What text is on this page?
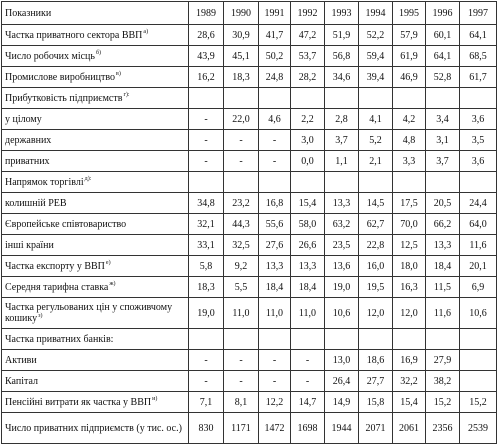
Показники	1989	1990	1991	1992	1993	1994	1995	1996	1997
Частка приватного сектора ВВП$^{а)}$	28,6	30,9	41,7	47,2	51,9	52,2	57,9	60,1	64,1
Число робочих місць$^{б)}$	43,9	45,1	50,2	53,7	56,8	59,4	61,9	64,1	68,5
Промислове виробництво$^{в)}$	16,2	18,3	24,8	28,2	34,6	39,4	46,9	52,8	61,7
Прибутковість підприємств$^{г):}$									
у цілому	-	22,0	4,6	2,2	2,8	4,1	4,2	3,4	3,6
державних	-	-	-	3,0	3,7	5,2	4,8	3,1	3,5
приватних	-	-	-	0,0	1,1	2,1	3,3	3,7	3,6
Напрямок торгівлі$^{д):}$									
колишній РЕВ	34,8	23,2	16,8	15,4	13,3	14,5	17,5	20,5	24,4
Європейське співтовариство	32,1	44,3	55,6	58,0	63,2	62,7	70,0	66,2	64,0
інші країни	33,1	32,5	27,6	26,6	23,5	22,8	12,5	13,3	11,6
Частка експорту у ВВП$^{е)}$	5,8	9,2	13,3	13,3	13,6	16,0	18,0	18,4	20,1
Середня тарифна ставка$^{ж)}$	18,3	5,5	18,4	18,4	19,0	19,5	16,3	11,5	6,9
Частка регульованих цін у споживчому кошику$^{з)}$	19,0	11,0	11,0	11,0	10,6	12,0	12,0	11,6	10,6
Частка приватних банків:									
Активи	-	-	-	-	13,0	18,6	16,9	27,9	
Капітал	-	-	-	-	26,4	27,7	32,2	38,2	
Пенсійні витрати як частка у ВВП$^{и)}$	7,1	8,1	12,2	14,7	14,9	15,8	15,4	15,2	15,2
Число приватних підприємств (у тис. ос.)	830	1171	1472	1698	1944	2071	2061	2356	2539
